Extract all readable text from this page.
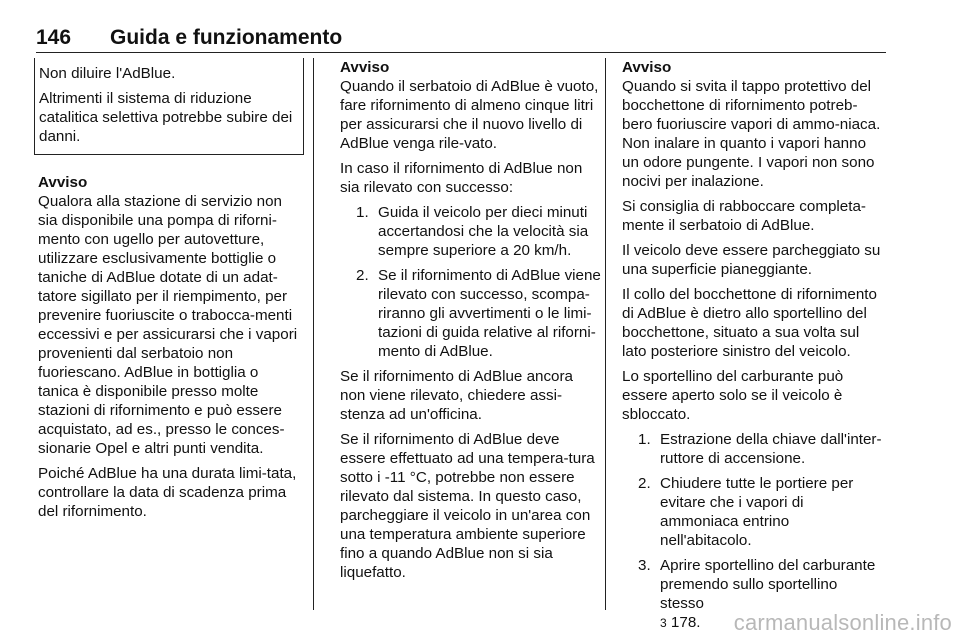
146	Guida e funzionamento

Non diluire l'AdBlue.

Altrimenti il sistema di riduzione catalitica selettiva potrebbe subire dei danni.

Avviso
Qualora alla stazione di servizio non sia disponibile una pompa di riforni-mento con ugello per autovetture, utilizzare esclusivamente bottiglie o taniche di AdBlue dotate di un adat-tatore sigillato per il riempimento, per prevenire fuoriuscite o trabocca-menti eccessivi e per assicurarsi che i vapori provenienti dal serbatoio non fuoriescano. AdBlue in bottiglia o tanica è disponibile presso molte stazioni di rifornimento e può essere acquistato, ad es., presso le conces-sionarie Opel e altri punti vendita.

Poiché AdBlue ha una durata limi-tata, controllare la data di scadenza prima del rifornimento.

Avviso
Quando il serbatoio di AdBlue è vuoto, fare rifornimento di almeno cinque litri per assicurarsi che il nuovo livello di AdBlue venga rile-vato.

In caso il rifornimento di AdBlue non sia rilevato con successo:

1. Guida il veicolo per dieci minuti accertandosi che la velocità sia sempre superiore a 20 km/h.
2. Se il rifornimento di AdBlue viene rilevato con successo, scompa-riranno gli avvertimenti o le limi-tazioni di guida relative al riforni-mento di AdBlue.

Se il rifornimento di AdBlue ancora non viene rilevato, chiedere assi-stenza ad un'officina.

Se il rifornimento di AdBlue deve essere effettuato ad una tempera-tura sotto i -11 °C, potrebbe non essere rilevato dal sistema. In questo caso, parcheggiare il veicolo in un'area con una temperatura ambiente superiore fino a quando AdBlue non si sia liquefatto.

Avviso
Quando si svita il tappo protettivo del bocchettone di rifornimento potreb-bero fuoriuscire vapori di ammo-niaca. Non inalare in quanto i vapori hanno un odore pungente. I vapori non sono nocivi per inalazione.

Si consiglia di rabboccare completa-mente il serbatoio di AdBlue.

Il veicolo deve essere parcheggiato su una superficie pianeggiante.

Il collo del bocchettone di rifornimento di AdBlue è dietro allo sportellino del bocchettone, situato a sua volta sul lato posteriore sinistro del veicolo.

Lo sportellino del carburante può essere aperto solo se il veicolo è sbloccato.

1. Estrazione della chiave dall'inter-ruttore di accensione.
2. Chiudere tutte le portiere per evitare che i vapori di ammoniaca entrino nell'abitacolo.
3. Aprire sportellino del carburante premendo sullo sportellino stesso
3 178.	carmanualsonline.info
